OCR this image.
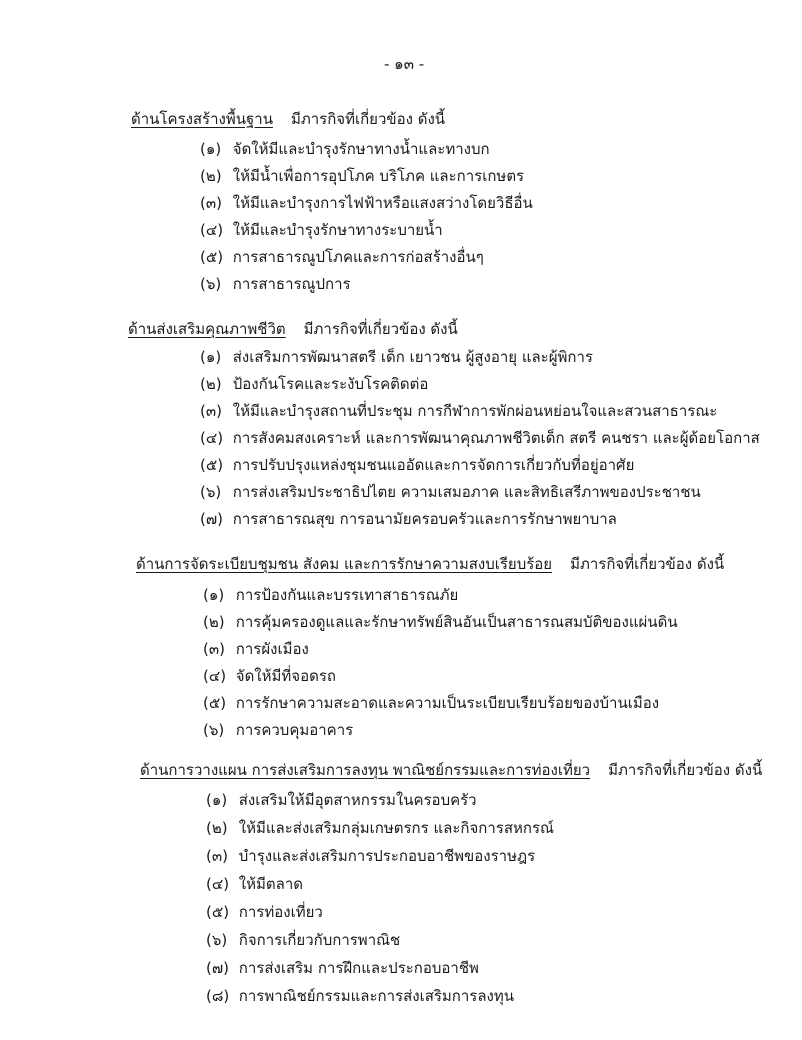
- ๑๓ -
ด้านโครงสร้างพื้นฐาน มีภารกิจที่เกี่ยวข้อง ดังนี้
(๑) จัดให้มีและบำรุงรักษาทางน้ำและทางบก
(๒) ให้มีน้ำเพื่อการอุปโภค บริโภค และการเกษตร
(๓) ให้มีและบำรุงการไฟฟ้าหรือแสงสว่างโดยวิธีอื่น
(๔) ให้มีและบำรุงรักษาทางระบายน้ำ
(๕) การสาธารณูปโภคและการก่อสร้างอื่นๆ
(๖) การสาธารณูปการ
ด้านส่งเสริมคุณภาพชีวิต มีภารกิจที่เกี่ยวข้อง ดังนี้
(๑) ส่งเสริมการพัฒนาสตรี เด็ก เยาวชน ผู้สูงอายุ และผู้พิการ
(๒) ป้องกันโรคและระงับโรคติดต่อ
(๓) ให้มีและบำรุงสถานที่ประชุม การกีฬาการพักผ่อนหย่อนใจและสวนสาธารณะ
(๔) การสังคมสงเคราะห์ และการพัฒนาคุณภาพชีวิตเด็ก สตรี คนชรา และผู้ด้อยโอกาส
(๕) การปรับปรุงแหล่งชุมชนแออัดและการจัดการเกี่ยวกับที่อยู่อาศัย
(๖) การส่งเสริมประชาธิปไตย ความเสมอภาค และสิทธิเสรีภาพของประชาชน
(๗) การสาธารณสุข การอนามัยครอบครัวและการรักษาพยาบาล
ด้านการจัดระเบียบชุมชน สังคม และการรักษาความสงบเรียบร้อย มีภารกิจที่เกี่ยวข้อง ดังนี้
(๑) การป้องกันและบรรเทาสาธารณภัย
(๒) การคุ้มครองดูแลและรักษาทรัพย์สินอันเป็นสาธารณสมบัติของแผ่นดิน
(๓) การผังเมือง
(๔) จัดให้มีที่จอดรถ
(๕) การรักษาความสะอาดและความเป็นระเบียบเรียบร้อยของบ้านเมือง
(๖) การควบคุมอาคาร
ด้านการวางแผน การส่งเสริมการลงทุน พาณิชย์กรรมและการท่องเที่ยว มีภารกิจที่เกี่ยวข้อง ดังนี้
(๑) ส่งเสริมให้มีอุตสาหกรรมในครอบครัว
(๒) ให้มีและส่งเสริมกลุ่มเกษตรกร และกิจการสหกรณ์
(๓) บำรุงและส่งเสริมการประกอบอาชีพของราษฎร
(๔) ให้มีตลาด
(๕) การท่องเที่ยว
(๖) กิจการเกี่ยวกับการพาณิช
(๗) การส่งเสริม การฝึกและประกอบอาชีพ
(๘) การพาณิชย์กรรมและการส่งเสริมการลงทุน
